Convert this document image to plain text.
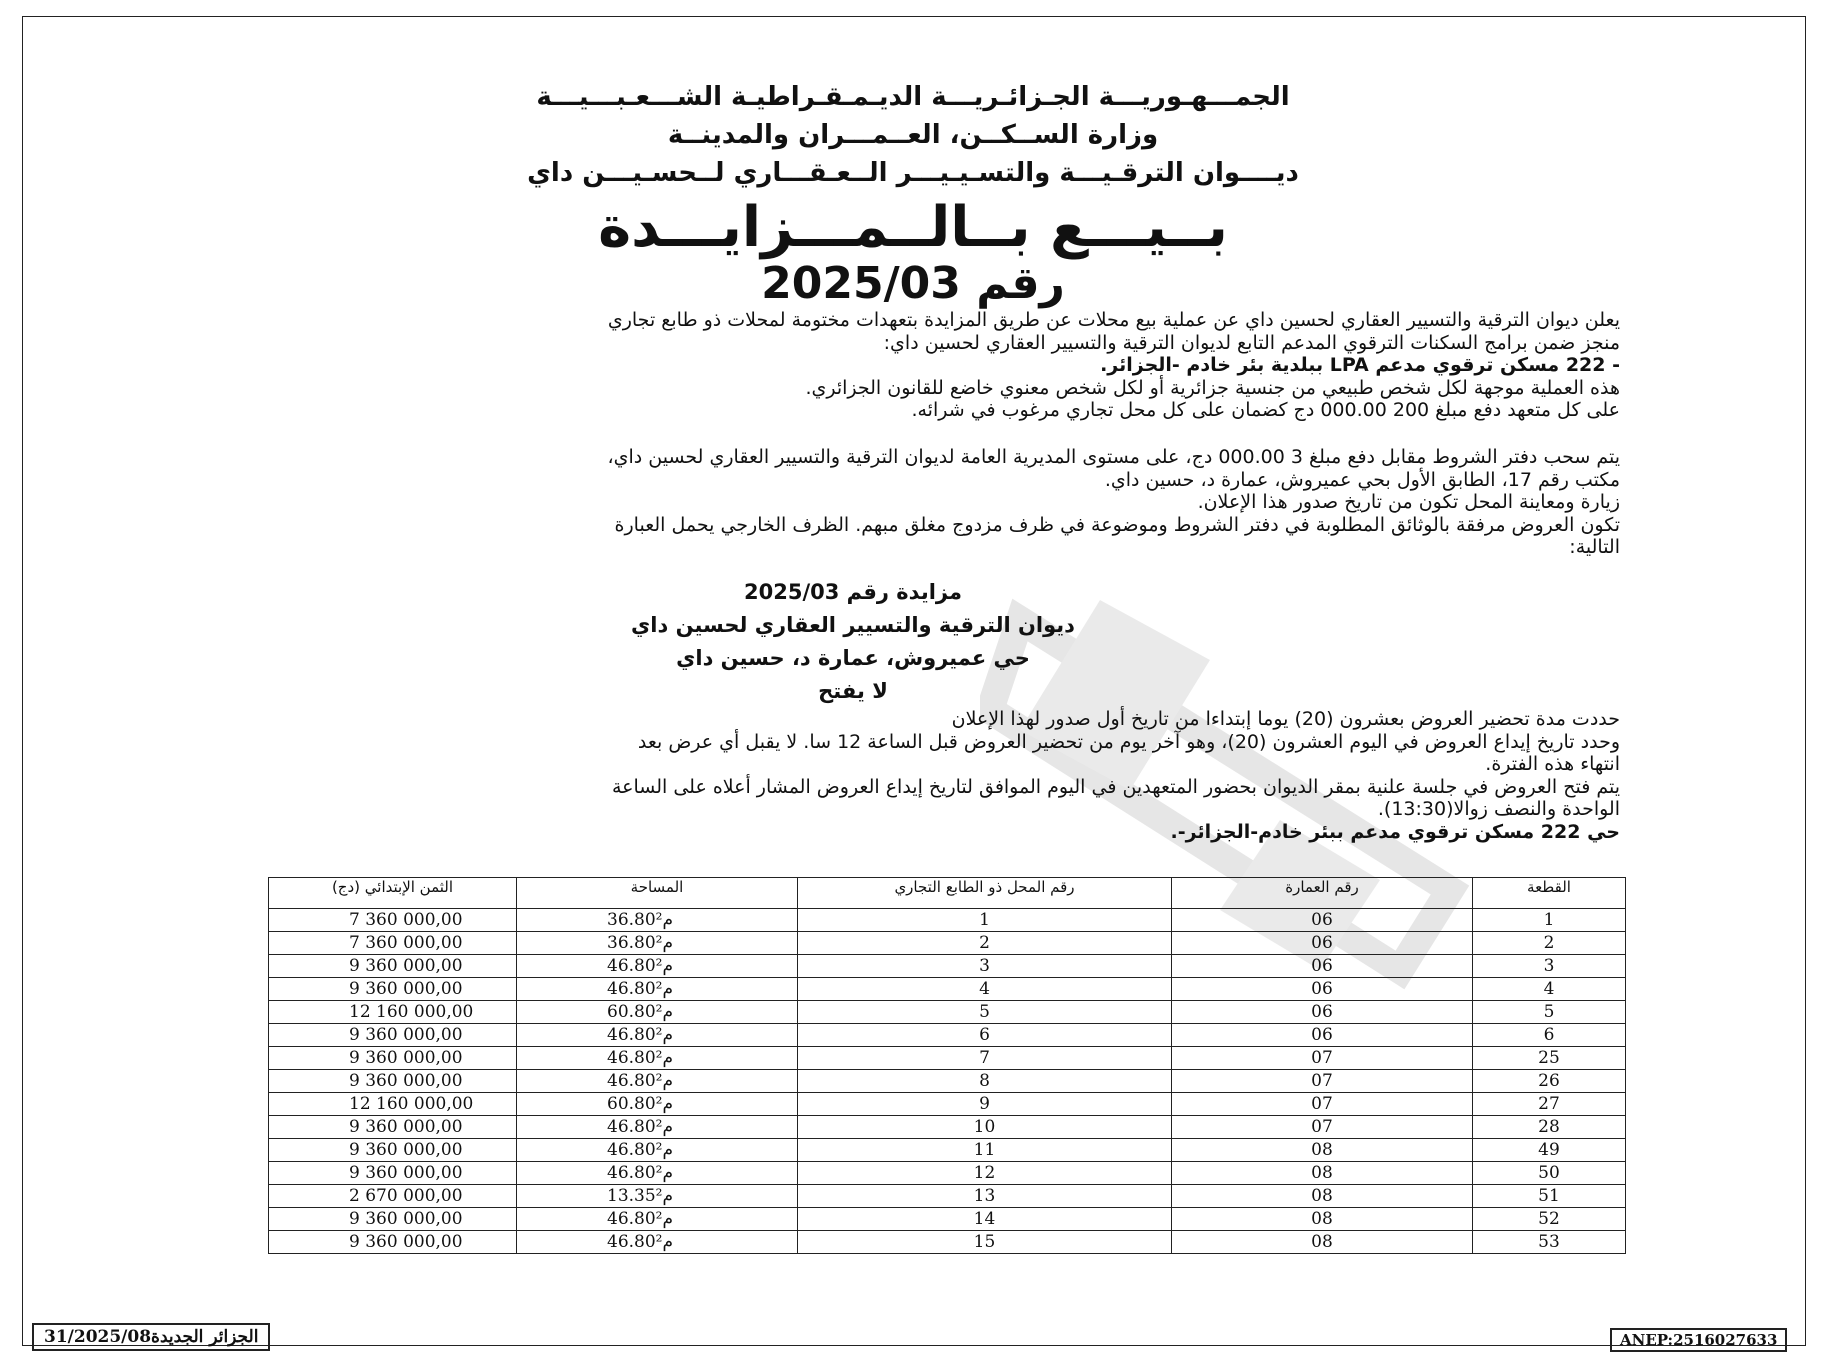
الجمـــهـوريـــة الجـزائـريـــة الديـمـقـراطيـة الشـــعـبـــيـــة
وزارة الســكــن، العــمـــران والمدينــة
ديــــوان الترقـيـــة والتسـيـيـــر الــعـقـــاري لــحسـيـــن داي
بــيـــع بــالــمـــزايـــدة
رقم 2025/03

يعلن ديوان الترقية والتسيير العقاري لحسين داي عن عملية بيع محلات عن طريق المزايدة بتعهدات مختومة لمحلات ذو طابع تجاري

منجز ضمن برامج السكنات الترقوي المدعم التابع لديوان الترقية والتسيير العقاري لحسين داي:

- 222 مسكن ترقوي مدعم LPA ببلدية بئر خادم -الجزائر.

هذه العملية موجهة لكل شخص طبيعي من جنسية جزائرية أو لكل شخص معنوي خاضع للقانون الجزائري.

على كل متعهد دفع مبلغ 200 000.00 دج كضمان على كل محل تجاري مرغوب في شرائه.

يتم سحب دفتر الشروط مقابل دفع مبلغ 3 000.00 دج، على مستوى المديرية العامة لديوان الترقية والتسيير العقاري لحسين داي،

مكتب رقم 17، الطابق الأول بحي عميروش، عمارة د، حسين داي.

زيارة ومعاينة المحل تكون من تاريخ صدور هذا الإعلان.

تكون العروض مرفقة بالوثائق المطلوبة في دفتر الشروط وموضوعة في ظرف مزدوج مغلق مبهم. الظرف الخارجي يحمل العبارة

التالية:

مزايدة رقم 2025/03
ديوان الترقية والتسيير العقاري لحسين داي
حي عميروش، عمارة د، حسين داي
لا يفتح

حددت مدة تحضير العروض بعشرون (20) يوما إبتداءا من تاريخ أول صدور لهذا الإعلان

وحدد تاريخ إيداع العروض في اليوم العشرون (20)، وهو آخر يوم من تحضير العروض قبل الساعة 12 سا. لا يقبل أي عرض بعد

انتهاء هذه الفترة.

يتم فتح العروض في جلسة علنية بمقر الديوان بحضور المتعهدين في اليوم الموافق لتاريخ إيداع العروض المشار أعلاه على الساعة

الواحدة والنصف زوالا(13:30).

حي 222 مسكن ترقوي مدعم ببئر خادم-الجزائر-.

القطعة	رقم العمارة	رقم المحل ذو الطابع التجاري	المساحة	الثمن الإبتدائي (دج)
1	06	1	36.80م²	7 360 000,00
2	06	2	36.80م²	7 360 000,00
3	06	3	46.80م²	9 360 000,00
4	06	4	46.80م²	9 360 000,00
5	06	5	60.80م²	12 160 000,00
6	06	6	46.80م²	9 360 000,00
25	07	7	46.80م²	9 360 000,00
26	07	8	46.80م²	9 360 000,00
27	07	9	60.80م²	12 160 000,00
28	07	10	46.80م²	9 360 000,00
49	08	11	46.80م²	9 360 000,00
50	08	12	46.80م²	9 360 000,00
51	08	13	13.35م²	2 670 000,00
52	08	14	46.80م²	9 360 000,00
53	08	15	46.80م²	9 360 000,00
الجزائر الجديدة31/2025/08	ANEP:2516027633
